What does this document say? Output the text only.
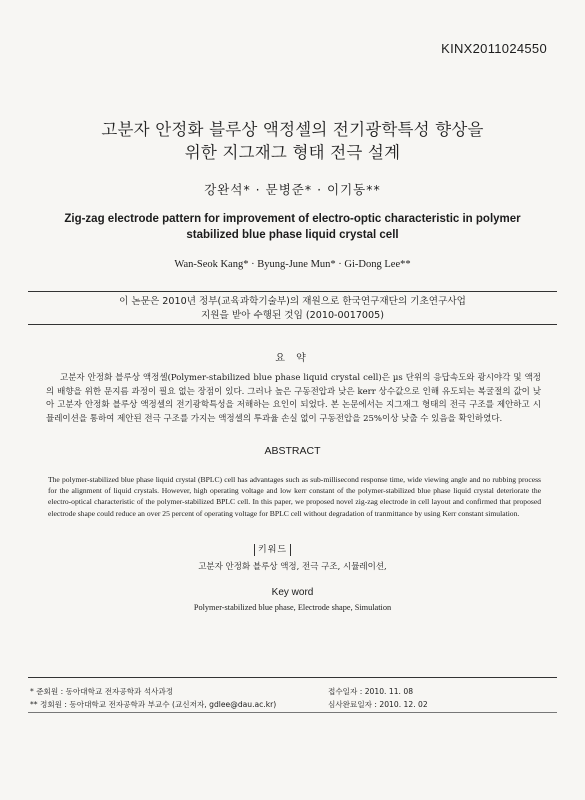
KINX2011024550
고분자 안정화 블루상 액정셀의 전기광학특성 향상을
위한 지그재그 형태 전극 설계
강완석* · 문병준* · 이기동**
Zig-zag electrode pattern for improvement of electro-optic characteristic in polymer
stabilized blue phase liquid crystal cell
Wan-Seok Kang* · Byung-June Mun* · Gi-Dong Lee**
이 논문은 2010년 정부(교육과학기술부)의 재원으로 한국연구재단의 기초연구사업
지원을 받아 수행된 것임 (2010-0017005)
요 약
고분자 안정화 블루상 액정셀(Polymer-stabilized blue phase liquid crystal cell)은 µs 단위의 응답속도와 광시야각 및 액정의 배향을 위한 문지름 과정이 필요 없는 장점이 있다. 그러나 높은 구동전압과 낮은 kerr 상수값으로 인해 유도되는 복굴절의 값이 낮아 고분자 안정화 블루상 액정셀의 전기광학특성을 저해하는 요인이 되었다. 본 논문에서는 지그재그 형태의 전극 구조를 제안하고 시뮬레이션을 통하여 제안된 전극 구조를 가지는 액정셀의 투과율 손실 없이 구동전압을 25%이상 낮출 수 있음을 확인하였다.
ABSTRACT
The polymer-stabilized blue phase liquid crystal (BPLC) cell has advantages such as sub-millisecond response time, wide viewing angle and no rubbing process for the alignment of liquid crystals. However, high operating voltage and low kerr constant of the polymer-stabilized blue phase liquid crystal deteriorate the electro-optical characteristic of the polymer-stabilized BPLC cell. In this paper, we proposed novel zig-zag electrode in cell layout and confirmed that proposed electrode shape could reduce an over 25 percent of operating voltage for BPLC cell without degradation of tranmittance by using Kerr constant simulation.
키워드
고분자 안정화 블루상 액정, 전극 구조, 시뮬레이션,
Key word
Polymer-stabilized blue phase, Electrode shape, Simulation
* 준회원 : 동아대학교 전자공학과 석사과정	접수일자 : 2010. 11. 08
** 정회원 : 동아대학교 전자공학과 부교수 (교신저자, gdlee@dau.ac.kr)	심사완료일자 : 2010. 12. 02
